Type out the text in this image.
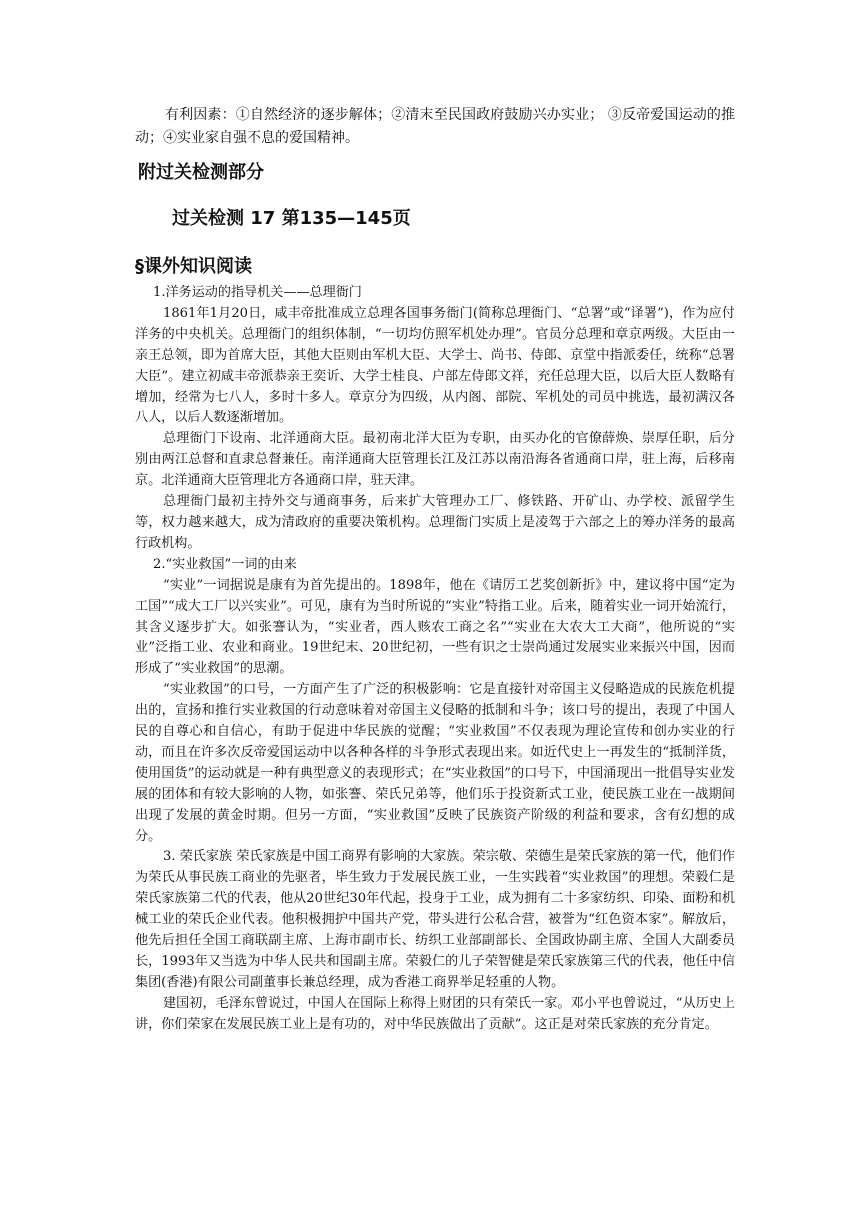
有利因素：①自然经济的逐步解体；②清末至民国政府鼓励兴办实业； ③反帝爱国运动的推动；④实业家自强不息的爱国精神。

附过关检测部分
过关检测 17 第135—145页
§课外知识阅读

1.洋务运动的指导机关——总理衙门

1861年1月20日，咸丰帝批准成立总理各国事务衙门(简称总理衙门、“总署”或“译署”)，作为应付洋务的中央机关。总理衙门的组织体制，“一切均仿照军机处办理”。官员分总理和章京两级。大臣由一亲王总领，即为首席大臣，其他大臣则由军机大臣、大学士、尚书、侍郎、京堂中指派委任，统称“总署大臣”。建立初咸丰帝派恭亲王奕䜣、大学士桂良、户部左侍郎文祥，充任总理大臣，以后大臣人数略有增加，经常为七八人，多时十多人。章京分为四级，从内阁、部院、军机处的司员中挑选，最初满汉各八人，以后人数逐渐增加。

总理衙门下设南、北洋通商大臣。最初南北洋大臣为专职，由买办化的官僚薛焕、崇厚任职，后分别由两江总督和直隶总督兼任。南洋通商大臣管理长江及江苏以南沿海各省通商口岸，驻上海，后移南京。北洋通商大臣管理北方各通商口岸，驻天津。

总理衙门最初主持外交与通商事务，后来扩大管理办工厂、修铁路、开矿山、办学校、派留学生等，权力越来越大，成为清政府的重要决策机构。总理衙门实质上是凌驾于六部之上的筹办洋务的最高行政机构。

2.“实业救国”一词的由来

“实业”一词据说是康有为首先提出的。1898年，他在《请厉工艺奖创新折》中，建议将中国“定为工国”“成大工厂以兴实业”。可见，康有为当时所说的“实业”特指工业。后来，随着实业一词开始流行，其含义逐步扩大。如张謇认为，“实业者，西人赅农工商之名”“实业在大农大工大商”，他所说的“实业”泛指工业、农业和商业。19世纪末、20世纪初，一些有识之士崇尚通过发展实业来振兴中国，因而形成了“实业救国”的思潮。

“实业救国”的口号，一方面产生了广泛的积极影响：它是直接针对帝国主义侵略造成的民族危机提出的，宣扬和推行实业救国的行动意味着对帝国主义侵略的抵制和斗争；该口号的提出，表现了中国人民的自尊心和自信心，有助于促进中华民族的觉醒；“实业救国”不仅表现为理论宣传和创办实业的行动，而且在许多次反帝爱国运动中以各种各样的斗争形式表现出来。如近代史上一再发生的“抵制洋货，使用国货”的运动就是一种有典型意义的表现形式；在“实业救国”的口号下，中国涌现出一批倡导实业发展的团体和有较大影响的人物，如张謇、荣氏兄弟等，他们乐于投资新式工业，使民族工业在一战期间出现了发展的黄金时期。但另一方面，“实业救国”反映了民族资产阶级的利益和要求，含有幻想的成分。

3. 荣氏家族 荣氏家族是中国工商界有影响的大家族。荣宗敬、荣德生是荣氏家族的第一代，他们作为荣氏从事民族工商业的先驱者，毕生致力于发展民族工业，一生实践着“实业救国”的理想。荣毅仁是荣氏家族第二代的代表，他从20世纪30年代起，投身于工业，成为拥有二十多家纺织、印染、面粉和机械工业的荣氏企业代表。他积极拥护中国共产党，带头进行公私合营，被誉为“红色资本家”。解放后，他先后担任全国工商联副主席、上海市副市长、纺织工业部副部长、全国政协副主席、全国人大副委员长，1993年又当选为中华人民共和国副主席。荣毅仁的儿子荣智健是荣氏家族第三代的代表，他任中信集团(香港)有限公司副董事长兼总经理，成为香港工商界举足轻重的人物。

建国初，毛泽东曾说过，中国人在国际上称得上财团的只有荣氏一家。邓小平也曾说过，“从历史上讲，你们荣家在发展民族工业上是有功的，对中华民族做出了贡献”。这正是对荣氏家族的充分肯定。
